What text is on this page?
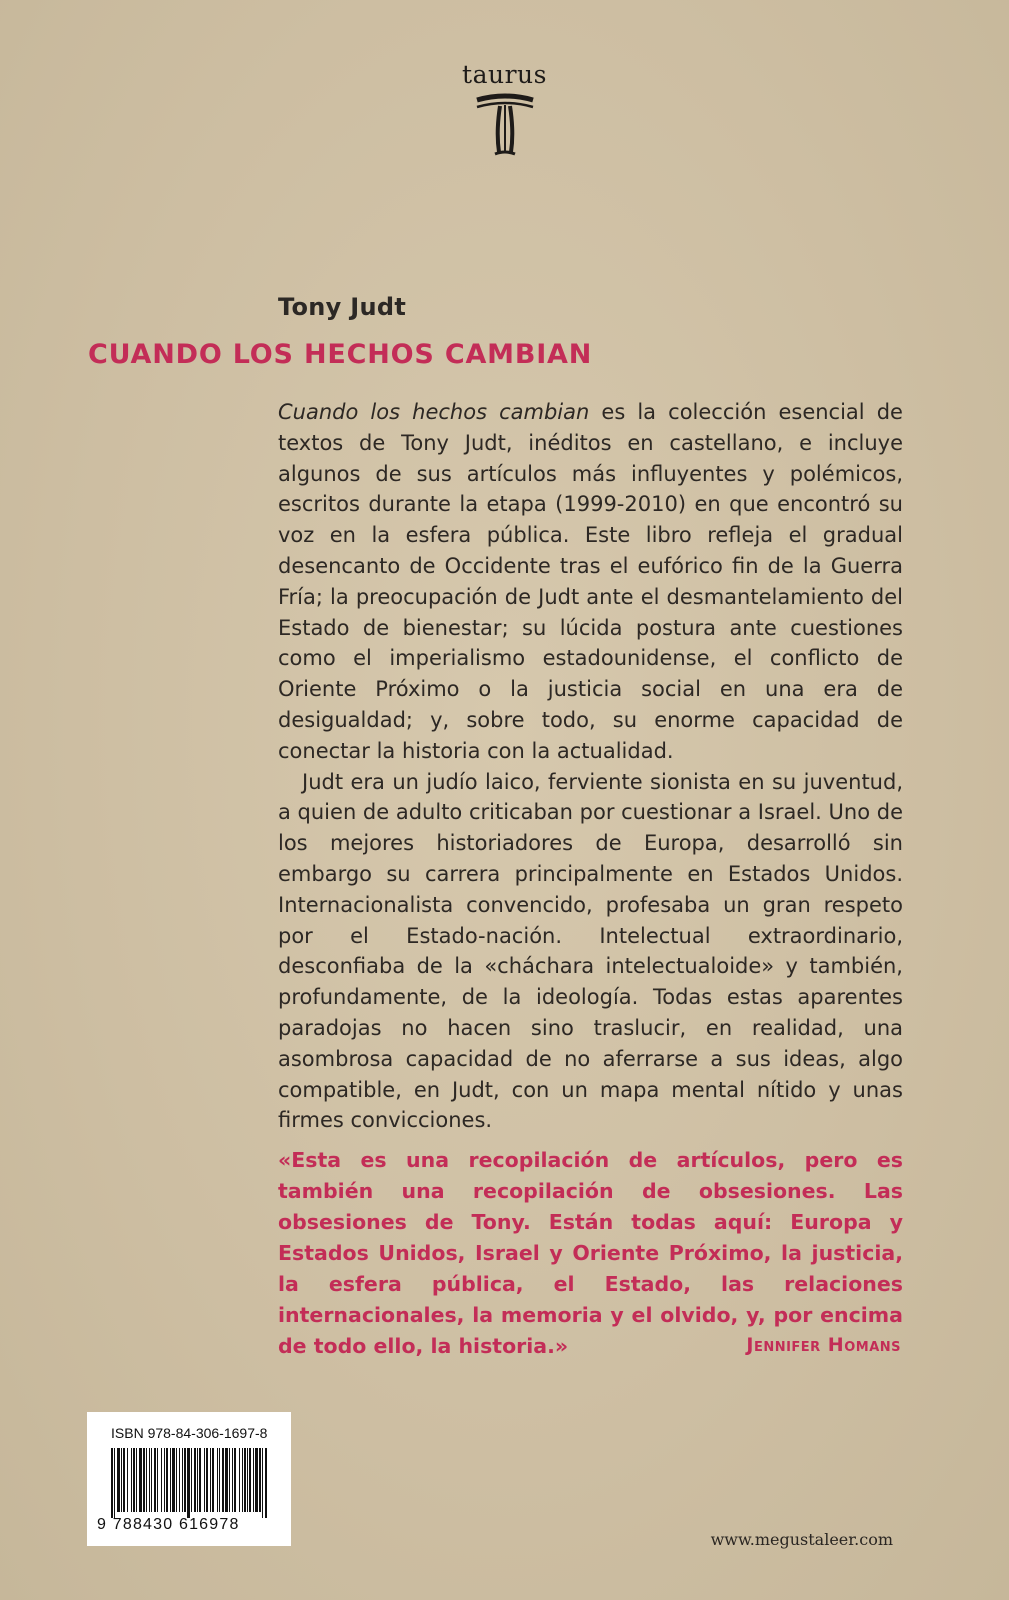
taurus
Tony Judt
CUANDO LOS HECHOS CAMBIAN

Cuando los hechos cambian es la colección esencial de textos de Tony Judt, inéditos en castellano, e incluye algunos de sus artículos más influyentes y polémicos, escritos durante la etapa (1999-2010) en que encontró su voz en la esfera pública. Este libro refleja el gradual desencanto de Occidente tras el eufórico fin de la Guerra Fría; la preocupación de Judt ante el desmantelamiento del Estado de bienestar; su lúcida postura ante cuestiones como el imperialismo estadounidense, el conflicto de Oriente Próximo o la justicia social en una era de desigualdad; y, sobre todo, su enorme capacidad de conectar la historia con la actualidad.

Judt era un judío laico, ferviente sionista en su juventud, a quien de adulto criticaban por cuestionar a Israel. Uno de los mejores historiadores de Europa, desarrolló sin embargo su carrera principalmente en Estados Unidos. Internacionalista convencido, profesaba un gran respeto por el Estado-nación. Intelectual extraordinario, desconfiaba de la «cháchara intelectualoide» y también, profundamente, de la ideología. Todas estas aparentes paradojas no hacen sino traslucir, en realidad, una asombrosa capacidad de no aferrarse a sus ideas, algo compatible, en Judt, con un mapa mental nítido y unas firmes convicciones.

«Esta es una recopilación de artículos, pero es también una recopilación de obsesiones. Las obsesiones de Tony. Están todas aquí: Europa y Estados Unidos, Israel y Oriente Próximo, la justicia, la esfera pública, el Estado, las relaciones internacionales, la memoria y el olvido, y, por encima de todo ello, la historia.»	Jennifer Homans
ISBN 978-84-306-1697-8
9 788430 616978
www.megustaleer.com
